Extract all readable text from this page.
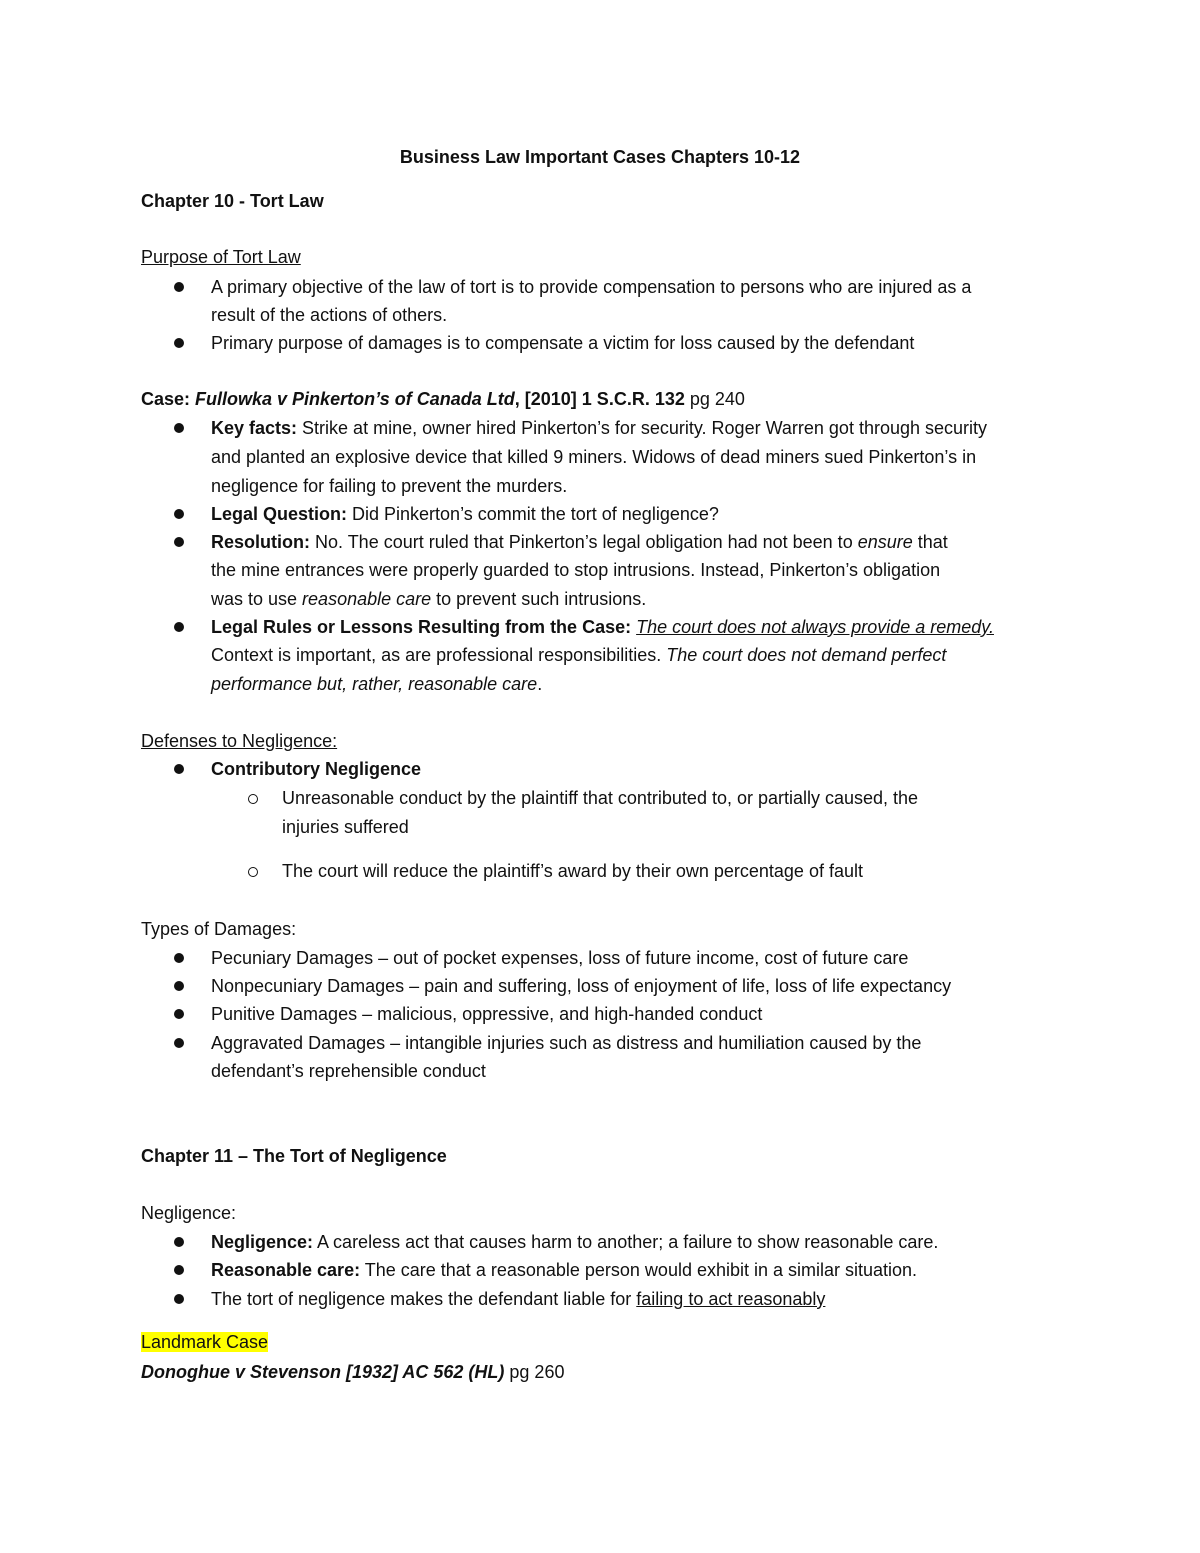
Business Law Important Cases Chapters 10-12
Chapter 10 - Tort Law
Purpose of Tort Law
A primary objective of the law of tort is to provide compensation to persons who are injured as a
result of the actions of others.
Primary purpose of damages is to compensate a victim for loss caused by the defendant
Case: Fullowka v Pinkerton’s of Canada Ltd, [2010] 1 S.C.R. 132 pg 240
Key facts: Strike at mine, owner hired Pinkerton’s for security. Roger Warren got through security
and planted an explosive device that killed 9 miners. Widows of dead miners sued Pinkerton’s in
negligence for failing to prevent the murders.
Legal Question: Did Pinkerton’s commit the tort of negligence?
Resolution: No. The court ruled that Pinkerton’s legal obligation had not been to ensure that
the mine entrances were properly guarded to stop intrusions. Instead, Pinkerton’s obligation
was to use reasonable care to prevent such intrusions.
Legal Rules or Lessons Resulting from the Case: The court does not always provide a remedy.
Context is important, as are professional responsibilities. The court does not demand perfect
performance but, rather, reasonable care.
Defenses to Negligence:
Contributory Negligence
Unreasonable conduct by the plaintiff that contributed to, or partially caused, the
injuries suffered
The court will reduce the plaintiff’s award by their own percentage of fault
Types of Damages:
Pecuniary Damages – out of pocket expenses, loss of future income, cost of future care
Nonpecuniary Damages – pain and suffering, loss of enjoyment of life, loss of life expectancy
Punitive Damages – malicious, oppressive, and high-handed conduct
Aggravated Damages – intangible injuries such as distress and humiliation caused by the
defendant’s reprehensible conduct
Chapter 11 – The Tort of Negligence
Negligence:
Negligence: A careless act that causes harm to another; a failure to show reasonable care.
Reasonable care: The care that a reasonable person would exhibit in a similar situation.
The tort of negligence makes the defendant liable for failing to act reasonably
Landmark Case
Donoghue v Stevenson [1932] AC 562 (HL) pg 260
